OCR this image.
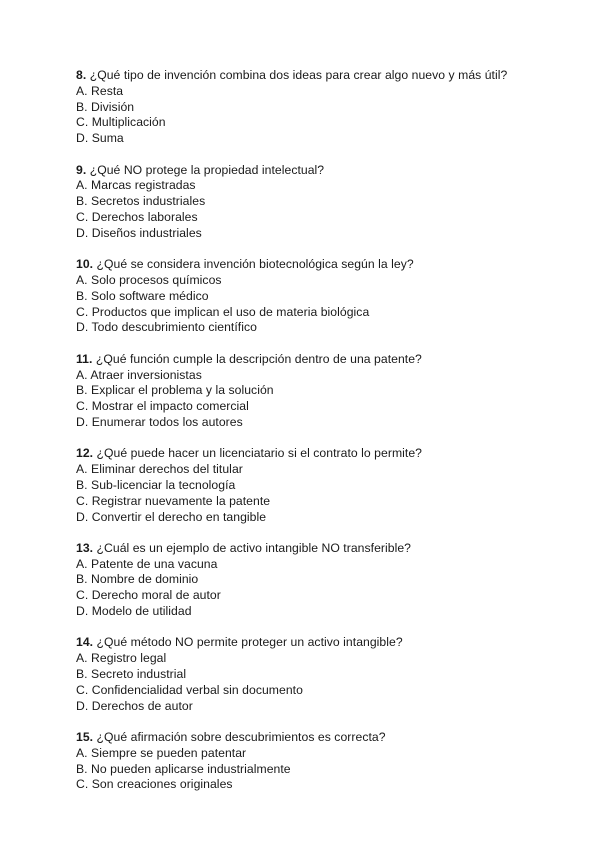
8. ¿Qué tipo de invención combina dos ideas para crear algo nuevo y más útil?
A. Resta
B. División
C. Multiplicación
D. Suma
9. ¿Qué NO protege la propiedad intelectual?
A. Marcas registradas
B. Secretos industriales
C. Derechos laborales
D. Diseños industriales
10. ¿Qué se considera invención biotecnológica según la ley?
A. Solo procesos químicos
B. Solo software médico
C. Productos que implican el uso de materia biológica
D. Todo descubrimiento científico
11. ¿Qué función cumple la descripción dentro de una patente?
A. Atraer inversionistas
B. Explicar el problema y la solución
C. Mostrar el impacto comercial
D. Enumerar todos los autores
12. ¿Qué puede hacer un licenciatario si el contrato lo permite?
A. Eliminar derechos del titular
B. Sub-licenciar la tecnología
C. Registrar nuevamente la patente
D. Convertir el derecho en tangible
13. ¿Cuál es un ejemplo de activo intangible NO transferible?
A. Patente de una vacuna
B. Nombre de dominio
C. Derecho moral de autor
D. Modelo de utilidad
14. ¿Qué método NO permite proteger un activo intangible?
A. Registro legal
B. Secreto industrial
C. Confidencialidad verbal sin documento
D. Derechos de autor
15. ¿Qué afirmación sobre descubrimientos es correcta?
A. Siempre se pueden patentar
B. No pueden aplicarse industrialmente
C. Son creaciones originales
